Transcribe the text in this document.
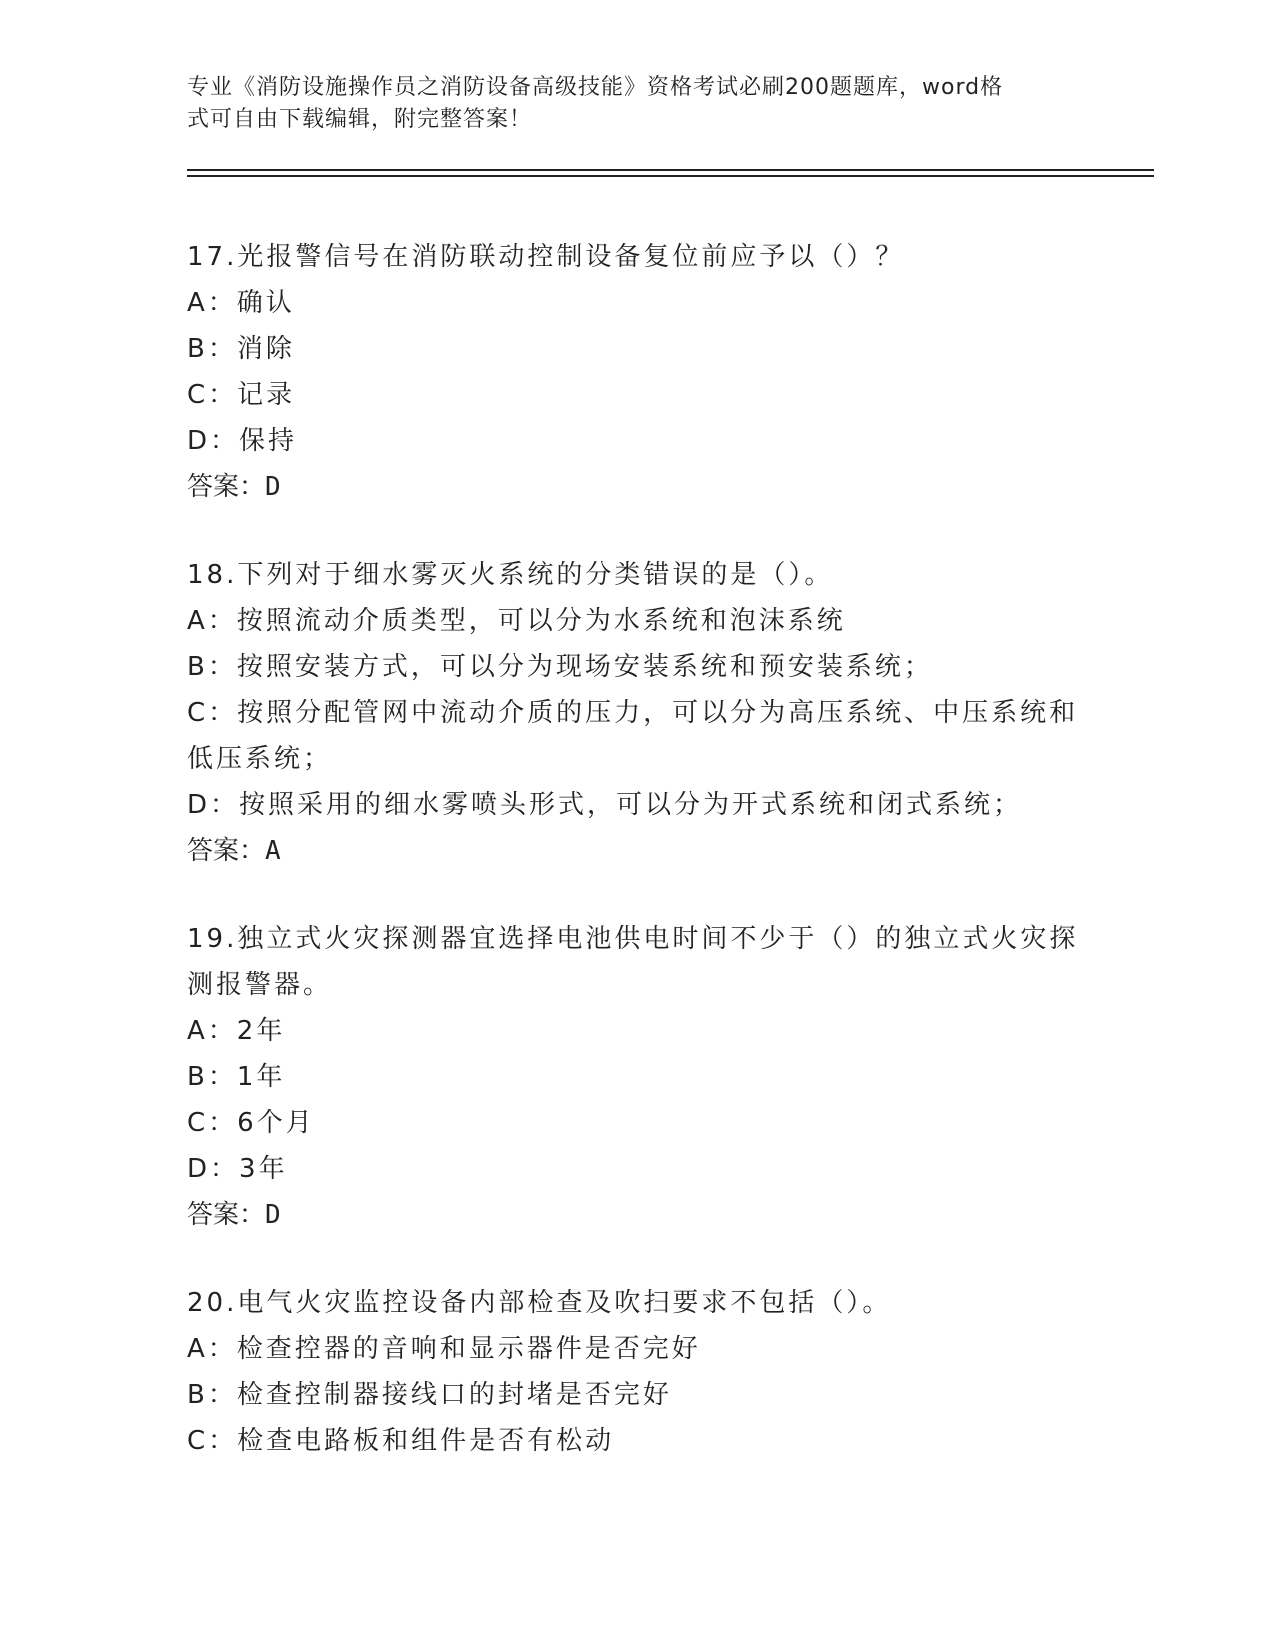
专业《消防设施操作员之消防设备高级技能》资格考试必刷200题题库，word格
式可自由下载编辑，附完整答案！
17.光报警信号在消防联动控制设备复位前应予以（）？
A：确认
B：消除
C：记录
D：保持
答案：D
18.下列对于细水雾灭火系统的分类错误的是（）。
A：按照流动介质类型，可以分为水系统和泡沫系统
B：按照安装方式，可以分为现场安装系统和预安装系统；
C：按照分配管网中流动介质的压力，可以分为高压系统、中压系统和
低压系统；
D：按照采用的细水雾喷头形式，可以分为开式系统和闭式系统；
答案：A
19.独立式火灾探测器宜选择电池供电时间不少于（）的独立式火灾探
测报警器。
A：2年
B：1年
C：6个月
D：3年
答案：D
20.电气火灾监控设备内部检查及吹扫要求不包括（）。
A：检查控器的音响和显示器件是否完好
B：检查控制器接线口的封堵是否完好
C：检查电路板和组件是否有松动
